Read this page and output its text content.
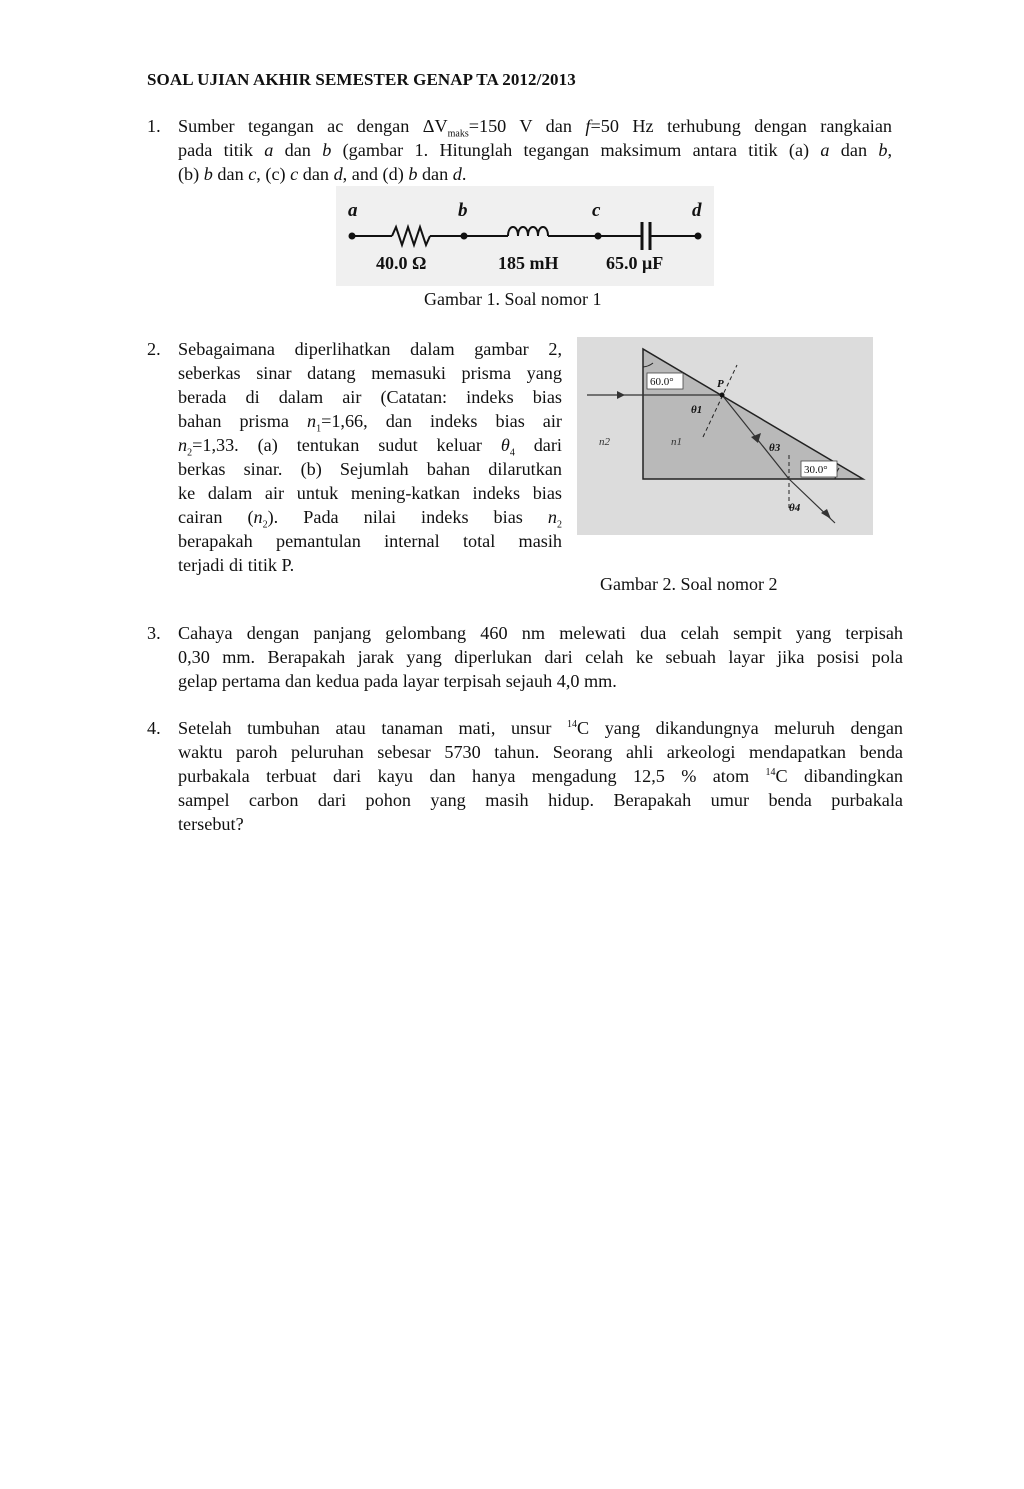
SOAL UJIAN AKHIR SEMESTER GENAP TA 2012/2013
1. Sumber tegangan ac dengan $\Delta V_{maks}=150$ V dan f=50 Hz terhubung dengan rangkaian
pada titik a dan b (gambar 1. Hitunglah tegangan maksimum antara titik (a) a dan b,
(b) b dan c, (c) c dan d, and (d) b dan d.
a	b	c	d
40.0 Ω	185 mH	65.0 μF
Gambar 1. Soal nomor 1
2. Sebagaimana diperlihatkan dalam gambar 2,
seberkas sinar datang memasuki prisma yang
berada di dalam air (Catatan: indeks bias
bahan prisma $n_1=1,66$, dan indeks bias air
$n_2=1,33$. (a) tentukan sudut keluar $\theta_4$ dari
berkas sinar. (b) Sejumlah bahan dilarutkan
ke dalam air untuk mening-katkan indeks bias
cairan $(n_2)$. Pada nilai indeks bias $n_2$
berapakah pemantulan internal total masih
terjadi di titik P.
60.0°
30.0°
P
θ1
θ3
θ4
n2	n1
Gambar 2. Soal nomor 2
3. Cahaya dengan panjang gelombang 460 nm melewati dua celah sempit yang terpisah
0,30 mm. Berapakah jarak yang diperlukan dari celah ke sebuah layar jika posisi pola
gelap pertama dan kedua pada layar terpisah sejauh 4,0 mm.
4. Setelah tumbuhan atau tanaman mati, unsur $^{14}$C yang dikandungnya meluruh dengan
waktu paroh peluruhan sebesar 5730 tahun. Seorang ahli arkeologi mendapatkan benda
purbakala terbuat dari kayu dan hanya mengadung 12,5 % atom $^{14}$C dibandingkan
sampel carbon dari pohon yang masih hidup. Berapakah umur benda purbakala
tersebut?
